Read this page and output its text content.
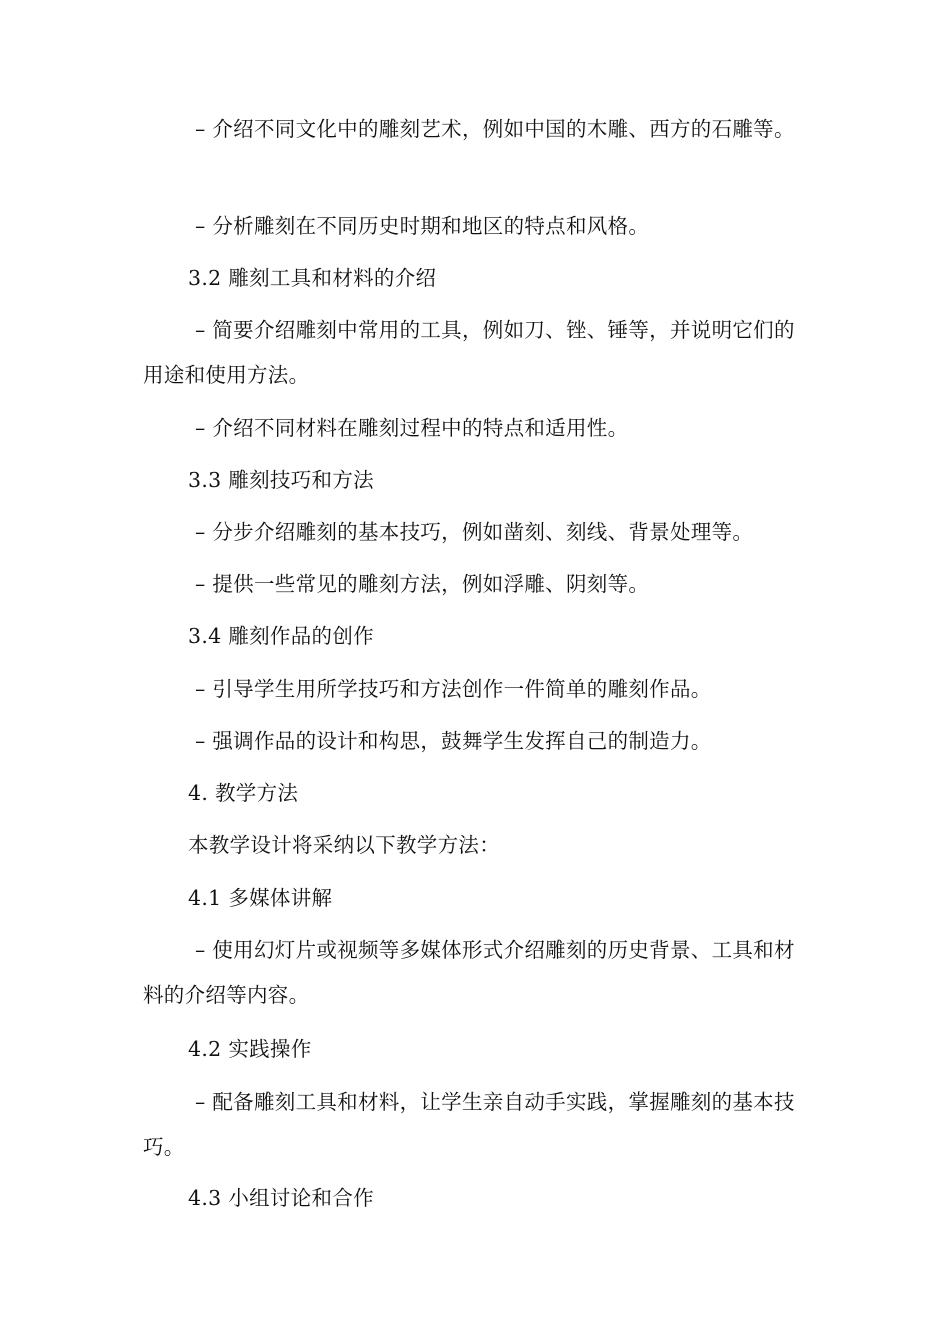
– 介绍不同文化中的雕刻艺术，例如中国的木雕、西方的石雕等。

– 分析雕刻在不同历史时期和地区的特点和风格。

3.2 雕刻工具和材料的介绍

– 简要介绍雕刻中常用的工具，例如刀、锉、锤等，并说明它们的用途和使用方法。

– 介绍不同材料在雕刻过程中的特点和适用性。

3.3 雕刻技巧和方法

– 分步介绍雕刻的基本技巧，例如凿刻、刻线、背景处理等。

– 提供一些常见的雕刻方法，例如浮雕、阴刻等。

3.4 雕刻作品的创作

– 引导学生用所学技巧和方法创作一件简单的雕刻作品。

– 强调作品的设计和构思，鼓舞学生发挥自己的制造力。

4. 教学方法

本教学设计将采纳以下教学方法：

4.1 多媒体讲解

– 使用幻灯片或视频等多媒体形式介绍雕刻的历史背景、工具和材料的介绍等内容。

4.2 实践操作

– 配备雕刻工具和材料，让学生亲自动手实践，掌握雕刻的基本技巧。

4.3 小组讨论和合作
